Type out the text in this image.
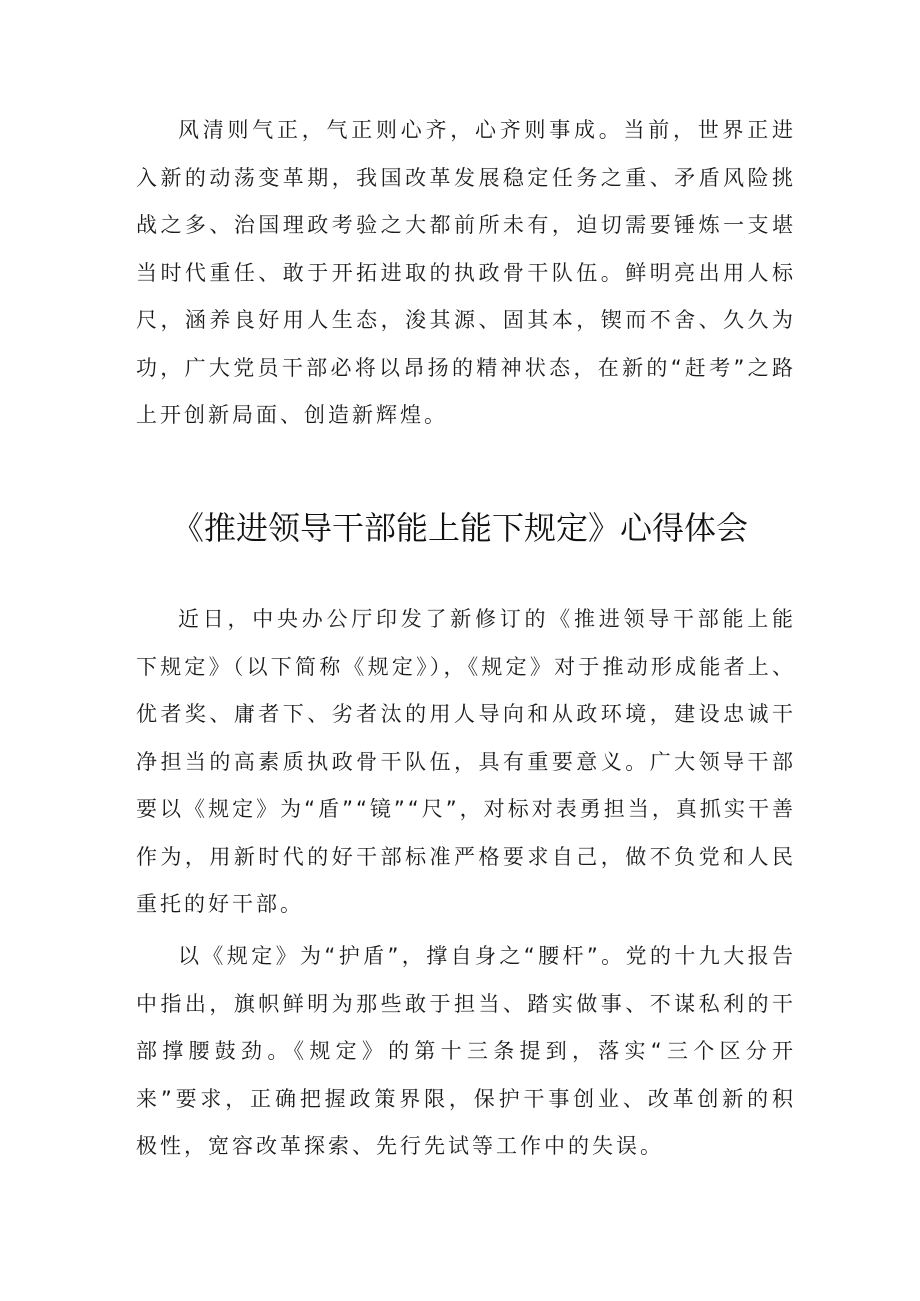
风清则气正，气正则心齐，心齐则事成。当前，世界正进入新的动荡变革期，我国改革发展稳定任务之重、矛盾风险挑战之多、治国理政考验之大都前所未有，迫切需要锤炼一支堪当时代重任、敢于开拓进取的执政骨干队伍。鲜明亮出用人标尺，涵养良好用人生态，浚其源、固其本，锲而不舍、久久为功，广大党员干部必将以昂扬的精神状态，在新的“赶考”之路上开创新局面、创造新辉煌。

《推进领导干部能上能下规定》心得体会

近日，中央办公厅印发了新修订的《推进领导干部能上能下规定》（以下简称《规定》），《规定》对于推动形成能者上、优者奖、庸者下、劣者汰的用人导向和从政环境，建设忠诚干净担当的高素质执政骨干队伍，具有重要意义。广大领导干部要以《规定》为“盾”“镜”“尺”，对标对表勇担当，真抓实干善作为，用新时代的好干部标准严格要求自己，做不负党和人民重托的好干部。

以《规定》为“护盾”，撑自身之“腰杆”。党的十九大报告中指出，旗帜鲜明为那些敢于担当、踏实做事、不谋私利的干部撑腰鼓劲。《规定》的第十三条提到，落实“三个区分开来”要求，正确把握政策界限，保护干事创业、改革创新的积极性，宽容改革探索、先行先试等工作中的失误。
